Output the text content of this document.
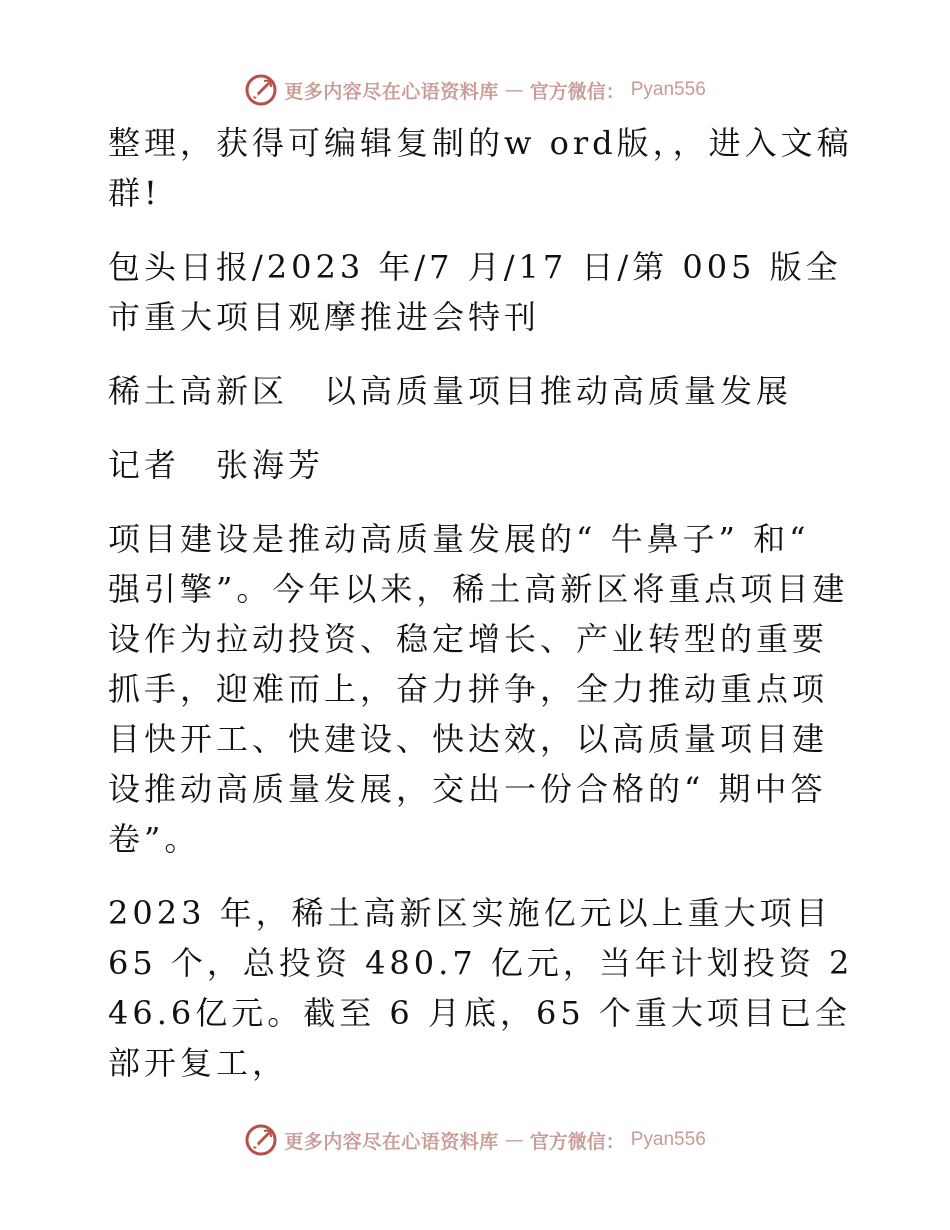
更多内容尽在心语资料库 — 官方微信： Pyan556

整理，获得可编辑复制的w ord版，，进入文稿群!

包头日报/2023 年/7 月/17 日/第 005 版全市重大项目观摩推进会特刊

稀土高新区　以高质量项目推动高质量发展

记者　张海芳

项目建设是推动高质量发展的“ 牛鼻子” 和“ 强引擎”。今年以来，稀土高新区将重点项目建设作为拉动投资、稳定增长、产业转型的重要抓手，迎难而上，奋力拼争，全力推动重点项目快开工、快建设、快达效，以高质量项目建设推动高质量发展，交出一份合格的“ 期中答卷”。

2023 年，稀土高新区实施亿元以上重大项目 65 个，总投资 480.7 亿元，当年计划投资 246.6亿元。截至 6 月底，65 个重大项目已全部开复工，

更多内容尽在心语资料库 — 官方微信： Pyan556
